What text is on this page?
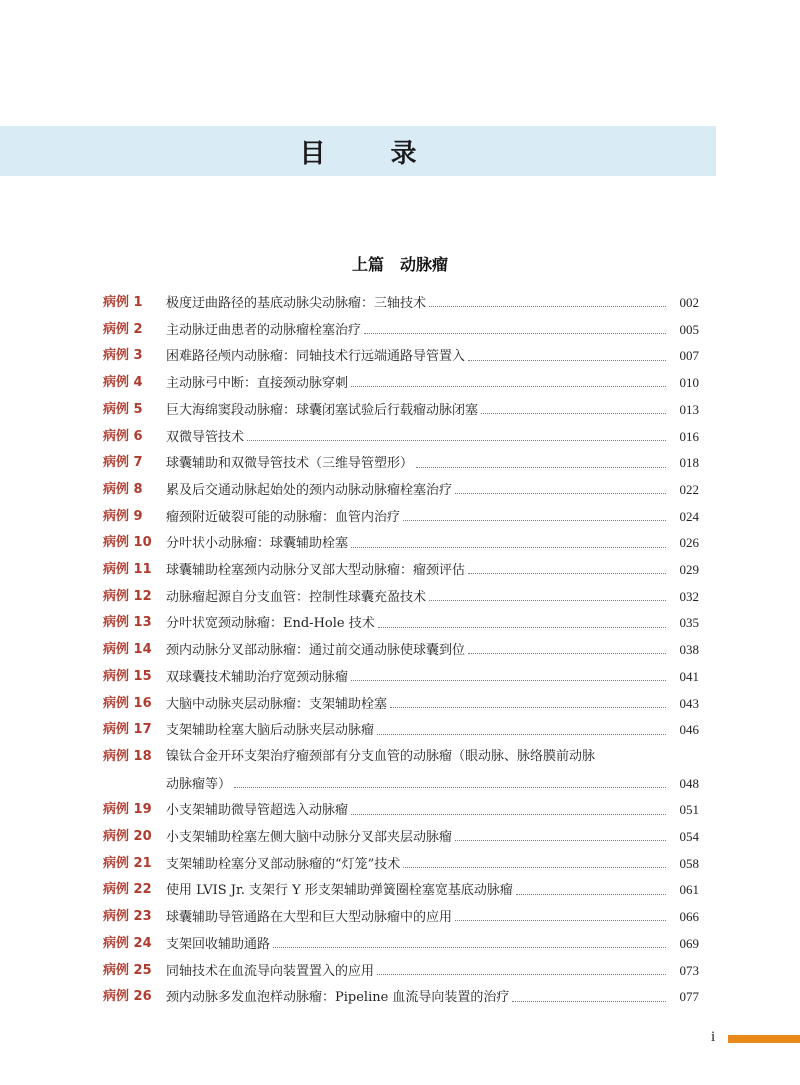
目 录
上篇　动脉瘤
病例 1	极度迂曲路径的基底动脉尖动脉瘤：三轴技术	002
病例 2	主动脉迂曲患者的动脉瘤栓塞治疗	005
病例 3	困难路径颅内动脉瘤：同轴技术行远端通路导管置入	007
病例 4	主动脉弓中断：直接颈动脉穿刺	010
病例 5	巨大海绵窦段动脉瘤：球囊闭塞试验后行载瘤动脉闭塞	013
病例 6	双微导管技术	016
病例 7	球囊辅助和双微导管技术（三维导管塑形）	018
病例 8	累及后交通动脉起始处的颈内动脉动脉瘤栓塞治疗	022
病例 9	瘤颈附近破裂可能的动脉瘤：血管内治疗	024
病例 10	分叶状小动脉瘤：球囊辅助栓塞	026
病例 11	球囊辅助栓塞颈内动脉分叉部大型动脉瘤：瘤颈评估	029
病例 12	动脉瘤起源自分支血管：控制性球囊充盈技术	032
病例 13	分叶状宽颈动脉瘤：End-Hole 技术	035
病例 14	颈内动脉分叉部动脉瘤：通过前交通动脉使球囊到位	038
病例 15	双球囊技术辅助治疗宽颈动脉瘤	041
病例 16	大脑中动脉夹层动脉瘤：支架辅助栓塞	043
病例 17	支架辅助栓塞大脑后动脉夹层动脉瘤	046
病例 18	镍钛合金开环支架治疗瘤颈部有分支血管的动脉瘤（眼动脉、脉络膜前动脉
动脉瘤等）	048
病例 19	小支架辅助微导管超选入动脉瘤	051
病例 20	小支架辅助栓塞左侧大脑中动脉分叉部夹层动脉瘤	054
病例 21	支架辅助栓塞分叉部动脉瘤的“灯笼”技术	058
病例 22	使用 LVIS Jr. 支架行 Y 形支架辅助弹簧圈栓塞宽基底动脉瘤	061
病例 23	球囊辅助导管通路在大型和巨大型动脉瘤中的应用	066
病例 24	支架回收辅助通路	069
病例 25	同轴技术在血流导向装置置入的应用	073
病例 26	颈内动脉多发血泡样动脉瘤：Pipeline 血流导向装置的治疗	077
i
